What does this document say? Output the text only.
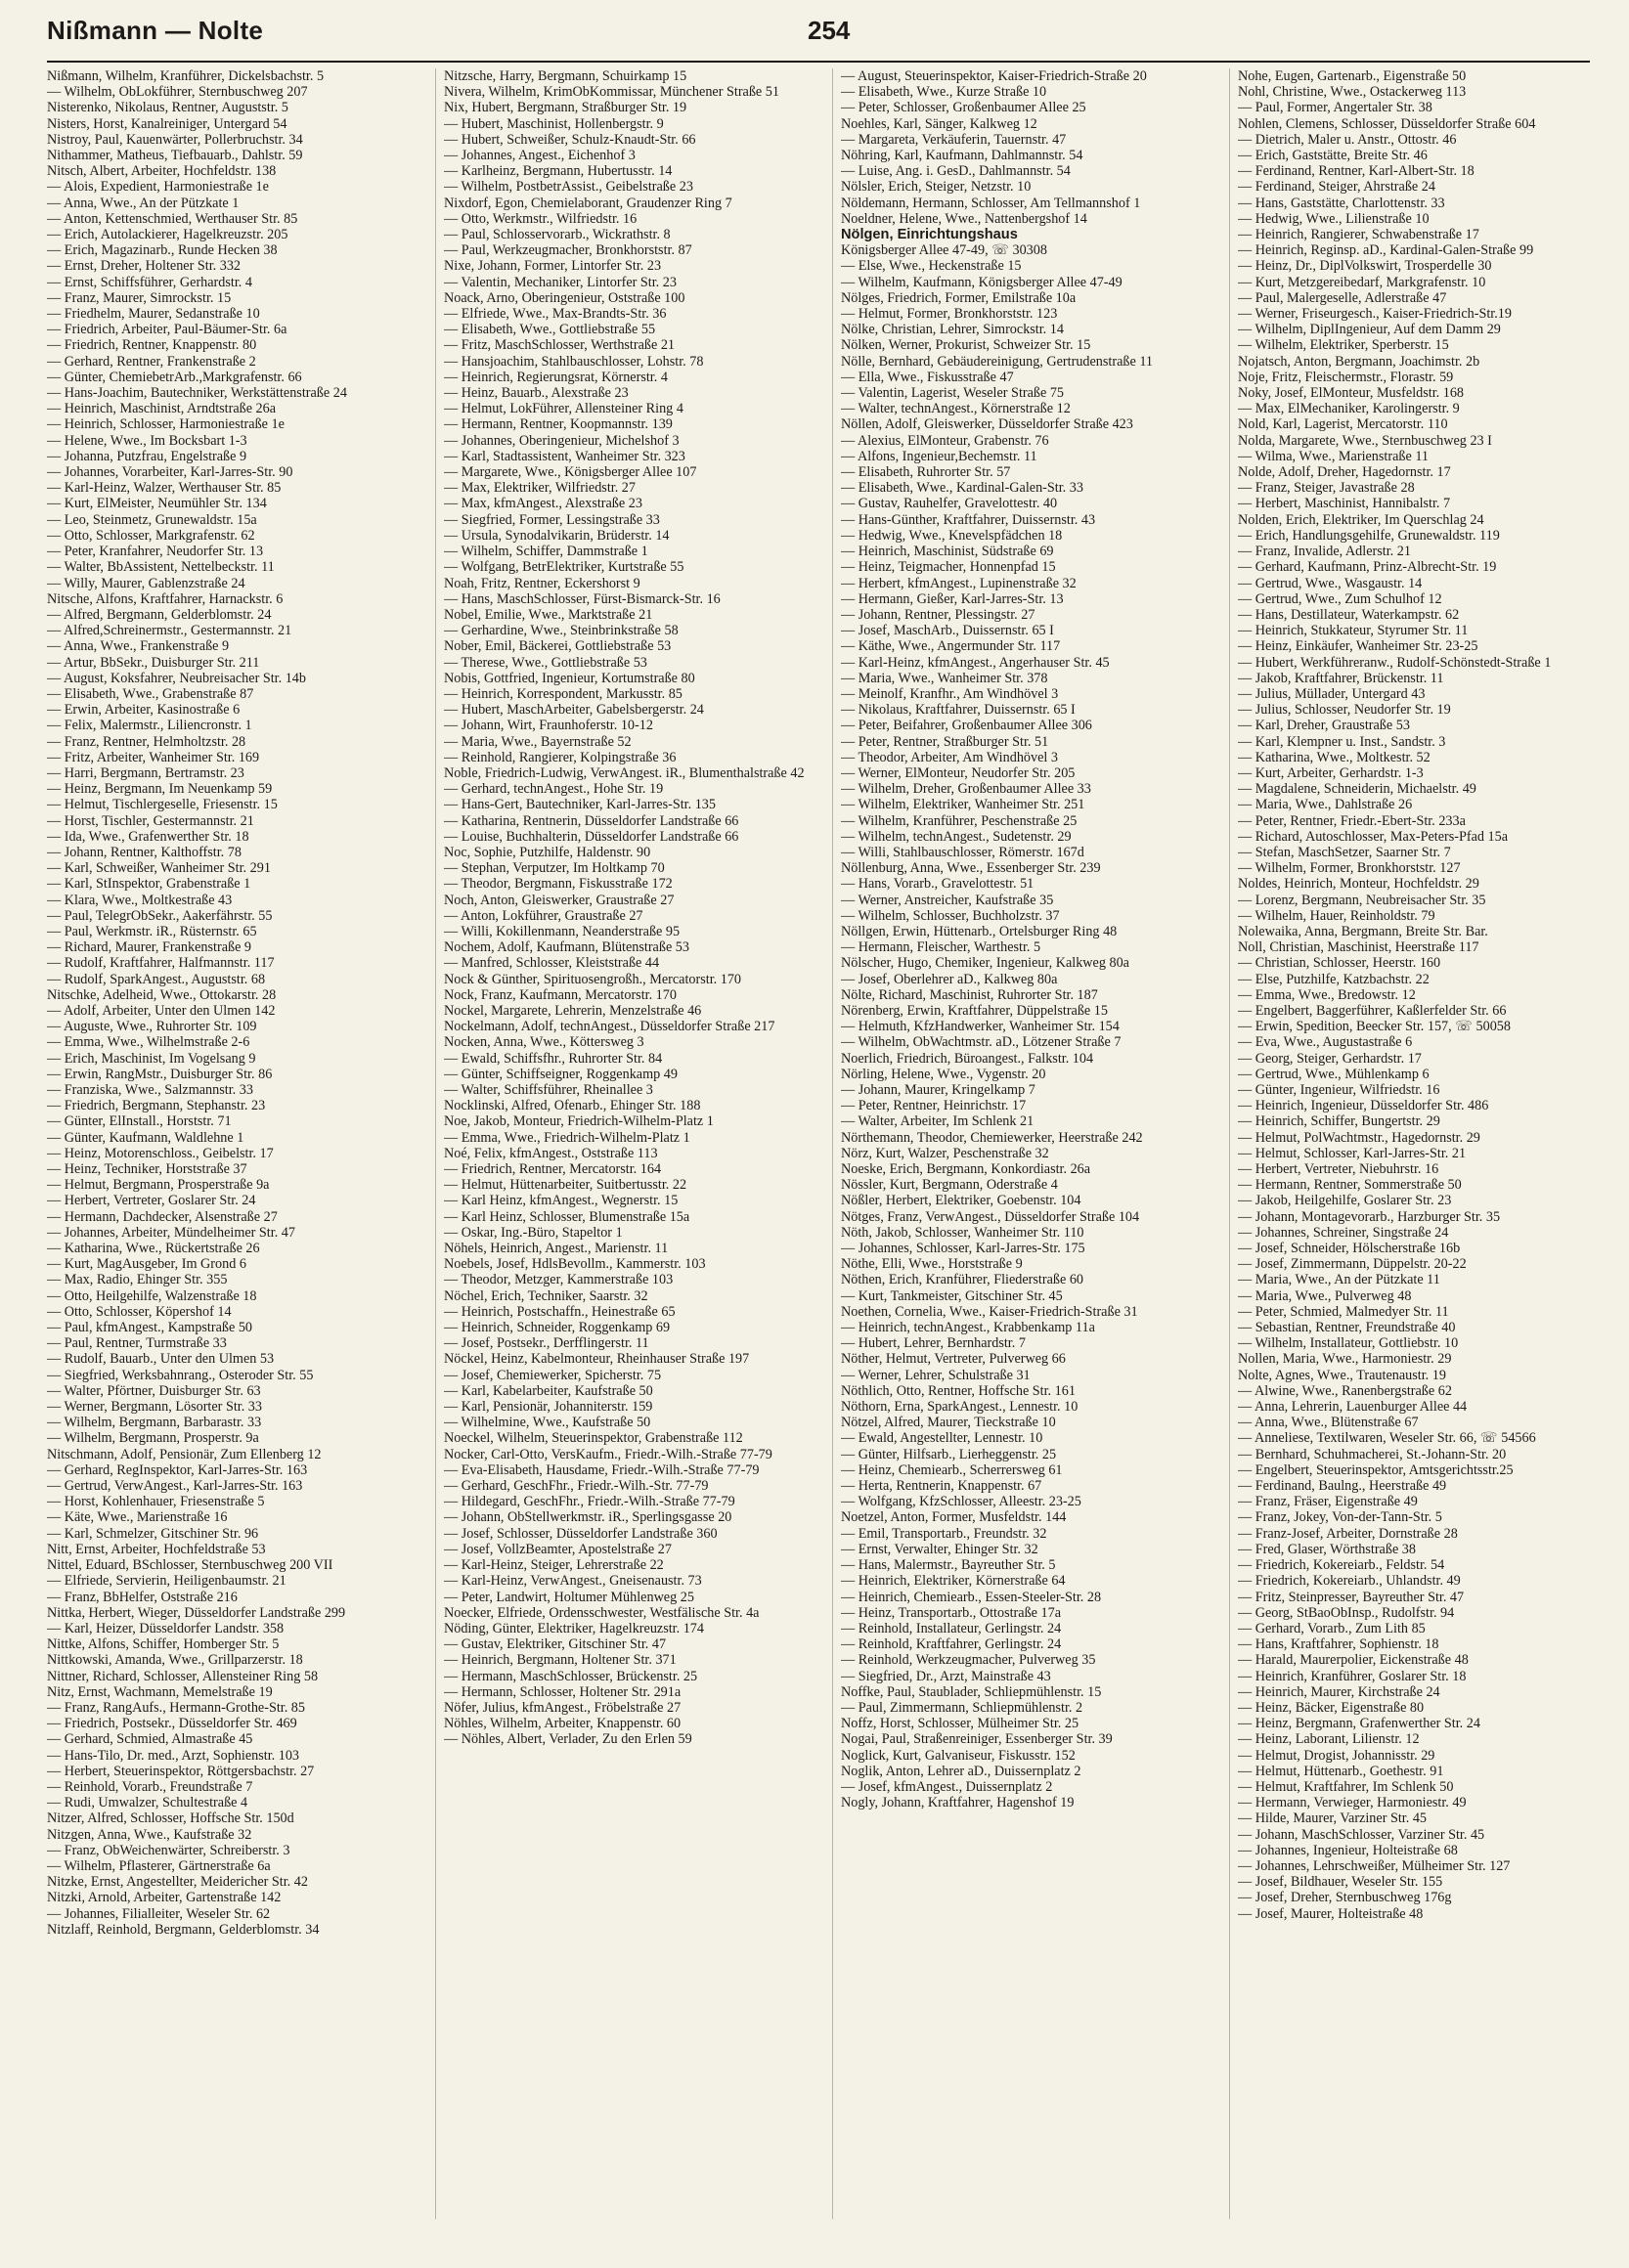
Nißmann — Nolte	254

Nißmann, Wilhelm, Kranführer, Dickelsbachstr. 5

— Wilhelm, ObLokführer, Sternbuschweg 207

Nisterenko, Nikolaus, Rentner, Auguststr. 5

Nisters, Horst, Kanalreiniger, Untergard 54

Nistroy, Paul, Kauenwärter, Pollerbruchstr. 34

Nithammer, Matheus, Tiefbauarb., Dahlstr. 59

Nitsch, Albert, Arbeiter, Hochfeldstr. 138

— Alois, Expedient, Harmoniestraße 1e

— Anna, Wwe., An der Pützkate 1

— Anton, Kettenschmied, Werthauser Str. 85

— Erich, Autolackierer, Hagelkreuzstr. 205

— Erich, Magazinarb., Runde Hecken 38

— Ernst, Dreher, Holtener Str. 332

— Ernst, Schiffsführer, Gerhardstr. 4

— Franz, Maurer, Simrockstr. 15

— Friedhelm, Maurer, Sedanstraße 10

— Friedrich, Arbeiter, Paul-Bäumer-Str. 6a

— Friedrich, Rentner, Knappenstr. 80

— Gerhard, Rentner, Frankenstraße 2

— Günter, ChemiebetrArb.,Markgrafenstr. 66

— Hans-Joachim, Bautechniker, Werkstättenstraße 24

— Heinrich, Maschinist, Arndtstraße 26a

— Heinrich, Schlosser, Harmoniestraße 1e

— Helene, Wwe., Im Bocksbart 1-3

— Johanna, Putzfrau, Engelstraße 9

— Johannes, Vorarbeiter, Karl-Jarres-Str. 90

— Karl-Heinz, Walzer, Werthauser Str. 85

— Kurt, ElMeister, Neumühler Str. 134

— Leo, Steinmetz, Grunewaldstr. 15a

— Otto, Schlosser, Markgrafenstr. 62

— Peter, Kranfahrer, Neudorfer Str. 13

— Walter, BbAssistent, Nettelbeckstr. 11

— Willy, Maurer, Gablenzstraße 24

Nitsche, Alfons, Kraftfahrer, Harnackstr. 6

— Alfred, Bergmann, Gelderblomstr. 24

— Alfred,Schreinermstr., Gestermannstr. 21

— Anna, Wwe., Frankenstraße 9

— Artur, BbSekr., Duisburger Str. 211

— August, Koksfahrer, Neubreisacher Str. 14b

— Elisabeth, Wwe., Grabenstraße 87

— Erwin, Arbeiter, Kasinostraße 6

— Felix, Malermstr., Liliencronstr. 1

— Franz, Rentner, Helmholtzstr. 28

— Fritz, Arbeiter, Wanheimer Str. 169

— Harri, Bergmann, Bertramstr. 23

— Heinz, Bergmann, Im Neuenkamp 59

— Helmut, Tischlergeselle, Friesenstr. 15

— Horst, Tischler, Gestermannstr. 21

— Ida, Wwe., Grafenwerther Str. 18

— Johann, Rentner, Kalthoffstr. 78

— Karl, Schweißer, Wanheimer Str. 291

— Karl, StInspektor, Grabenstraße 1

— Klara, Wwe., Moltkestraße 43

— Paul, TelegrObSekr., Aakerfährstr. 55

— Paul, Werkmstr. iR., Rüsternstr. 65

— Richard, Maurer, Frankenstraße 9

— Rudolf, Kraftfahrer, Halfmannstr. 117

— Rudolf, SparkAngest., Auguststr. 68

Nitschke, Adelheid, Wwe., Ottokarstr. 28

— Adolf, Arbeiter, Unter den Ulmen 142

— Auguste, Wwe., Ruhrorter Str. 109

— Emma, Wwe., Wilhelmstraße 2-6

— Erich, Maschinist, Im Vogelsang 9

— Erwin, RangMstr., Duisburger Str. 86

— Franziska, Wwe., Salzmannstr. 33

— Friedrich, Bergmann, Stephanstr. 23

— Günter, ElInstall., Horststr. 71

— Günter, Kaufmann, Waldlehne 1

— Heinz, Motorenschloss., Geibelstr. 17

— Heinz, Techniker, Horststraße 37

— Helmut, Bergmann, Prosperstraße 9a

— Herbert, Vertreter, Goslarer Str. 24

— Hermann, Dachdecker, Alsenstraße 27

— Johannes, Arbeiter, Mündelheimer Str. 47

— Katharina, Wwe., Rückertstraße 26

— Kurt, MagAusgeber, Im Grond 6

— Max, Radio, Ehinger Str. 355

— Otto, Heilgehilfe, Walzenstraße 18

— Otto, Schlosser, Köpershof 14

— Paul, kfmAngest., Kampstraße 50

— Paul, Rentner, Turmstraße 33

— Rudolf, Bauarb., Unter den Ulmen 53

— Siegfried, Werksbahnrang., Osteroder Str. 55

— Walter, Pförtner, Duisburger Str. 63

— Werner, Bergmann, Lösorter Str. 33

— Wilhelm, Bergmann, Barbarastr. 33

— Wilhelm, Bergmann, Prosperstr. 9a

Nitschmann, Adolf, Pensionär, Zum Ellenberg 12

— Gerhard, RegInspektor, Karl-Jarres-Str. 163

— Gertrud, VerwAngest., Karl-Jarres-Str. 163

— Horst, Kohlenhauer, Friesenstraße 5

— Käte, Wwe., Marienstraße 16

— Karl, Schmelzer, Gitschiner Str. 96

Nitt, Ernst, Arbeiter, Hochfeldstraße 53

Nittel, Eduard, BSchlosser, Sternbuschweg 200 VII

— Elfriede, Servierin, Heiligenbaumstr. 21

— Franz, BbHelfer, Oststraße 216

Nittka, Herbert, Wieger, Düsseldorfer Landstraße 299

— Karl, Heizer, Düsseldorfer Landstr. 358

Nittke, Alfons, Schiffer, Homberger Str. 5

Nittkowski, Amanda, Wwe., Grillparzerstr. 18

Nittner, Richard, Schlosser, Allensteiner Ring 58

Nitz, Ernst, Wachmann, Memelstraße 19

— Franz, RangAufs., Hermann-Grothe-Str. 85

— Friedrich, Postsekr., Düsseldorfer Str. 469

— Gerhard, Schmied, Almastraße 45

— Hans-Tilo, Dr. med., Arzt, Sophienstr. 103

— Herbert, Steuerinspektor, Röttgersbachstr. 27

— Reinhold, Vorarb., Freundstraße 7

— Rudi, Umwalzer, Schultestraße 4

Nitzer, Alfred, Schlosser, Hoffsche Str. 150d

Nitzgen, Anna, Wwe., Kaufstraße 32

— Franz, ObWeichenwärter, Schreiberstr. 3

— Wilhelm, Pflasterer, Gärtnerstraße 6a

Nitzke, Ernst, Angestellter, Meidericher Str. 42

Nitzki, Arnold, Arbeiter, Gartenstraße 142

— Johannes, Filialleiter, Weseler Str. 62

Nitzlaff, Reinhold, Bergmann, Gelderblomstr. 34

Nitzsche, Harry, Bergmann, Schuirkamp 15

Nivera, Wilhelm, KrimObKommissar, Münchener Straße 51

Nix, Hubert, Bergmann, Straßburger Str. 19

— Hubert, Maschinist, Hollenbergstr. 9

— Hubert, Schweißer, Schulz-Knaudt-Str. 66

— Johannes, Angest., Eichenhof 3

— Karlheinz, Bergmann, Hubertusstr. 14

— Wilhelm, PostbetrAssist., Geibelstraße 23

Nixdorf, Egon, Chemielaborant, Graudenzer Ring 7

— Otto, Werkmstr., Wilfriedstr. 16

— Paul, Schlosservorarb., Wickrathstr. 8

— Paul, Werkzeugmacher, Bronkhorststr. 87

Nixe, Johann, Former, Lintorfer Str. 23

— Valentin, Mechaniker, Lintorfer Str. 23

Noack, Arno, Oberingenieur, Oststraße 100

— Elfriede, Wwe., Max-Brandts-Str. 36

— Elisabeth, Wwe., Gottliebstraße 55

— Fritz, MaschSchlosser, Werthstraße 21

— Hansjoachim, Stahlbauschlosser, Lohstr. 78

— Heinrich, Regierungsrat, Körnerstr. 4

— Heinz, Bauarb., Alexstraße 23

— Helmut, LokFührer, Allensteiner Ring 4

— Hermann, Rentner, Koopmannstr. 139

— Johannes, Oberingenieur, Michelshof 3

— Karl, Stadtassistent, Wanheimer Str. 323

— Margarete, Wwe., Königsberger Allee 107

— Max, Elektriker, Wilfriedstr. 27

— Max, kfmAngest., Alexstraße 23

— Siegfried, Former, Lessingstraße 33

— Ursula, Synodalvikarin, Brüderstr. 14

— Wilhelm, Schiffer, Dammstraße 1

— Wolfgang, BetrElektriker, Kurtstraße 55

Noah, Fritz, Rentner, Eckershorst 9

— Hans, MaschSchlosser, Fürst-Bismarck-Str. 16

Nobel, Emilie, Wwe., Marktstraße 21

— Gerhardine, Wwe., Steinbrinkstraße 58

Nober, Emil, Bäckerei, Gottliebstraße 53

— Therese, Wwe., Gottliebstraße 53

Nobis, Gottfried, Ingenieur, Kortumstraße 80

— Heinrich, Korrespondent, Markusstr. 85

— Hubert, MaschArbeiter, Gabelsbergerstr. 24

— Johann, Wirt, Fraunhoferstr. 10-12

— Maria, Wwe., Bayernstraße 52

— Reinhold, Rangierer, Kolpingstraße 36

Noble, Friedrich-Ludwig, VerwAngest. iR., Blumenthalstraße 42

— Gerhard, technAngest., Hohe Str. 19

— Hans-Gert, Bautechniker, Karl-Jarres-Str. 135

— Katharina, Rentnerin, Düsseldorfer Landstraße 66

— Louise, Buchhalterin, Düsseldorfer Landstraße 66

Noc, Sophie, Putzhilfe, Haldenstr. 90

— Stephan, Verputzer, Im Holtkamp 70

— Theodor, Bergmann, Fiskusstraße 172

Noch, Anton, Gleiswerker, Graustraße 27

— Anton, Lokführer, Graustraße 27

— Willi, Kokillenmann, Neanderstraße 95

Nochem, Adolf, Kaufmann, Blütenstraße 53

— Manfred, Schlosser, Kleiststraße 44

Nock & Günther, Spirituosengroßh., Mercatorstr. 170

Nock, Franz, Kaufmann, Mercatorstr. 170

Nockel, Margarete, Lehrerin, Menzelstraße 46

Nockelmann, Adolf, technAngest., Düsseldorfer Straße 217

Nocken, Anna, Wwe., Köttersweg 3

— Ewald, Schiffsfhr., Ruhrorter Str. 84

— Günter, Schiffseigner, Roggenkamp 49

— Walter, Schiffsführer, Rheinallee 3

Nocklinski, Alfred, Ofenarb., Ehinger Str. 188

Noe, Jakob, Monteur, Friedrich-Wilhelm-Platz 1

— Emma, Wwe., Friedrich-Wilhelm-Platz 1

Noé, Felix, kfmAngest., Oststraße 113

— Friedrich, Rentner, Mercatorstr. 164

— Helmut, Hüttenarbeiter, Suitbertusstr. 22

— Karl Heinz, kfmAngest., Wegnerstr. 15

— Karl Heinz, Schlosser, Blumenstraße 15a

— Oskar, Ing.-Büro, Stapeltor 1

Nöhels, Heinrich, Angest., Marienstr. 11

Noebels, Josef, HdlsBevollm., Kammerstr. 103

— Theodor, Metzger, Kammerstraße 103

Nöchel, Erich, Techniker, Saarstr. 32

— Heinrich, Postschaffn., Heinestraße 65

— Heinrich, Schneider, Roggenkamp 69

— Josef, Postsekr., Derfflingerstr. 11

Nöckel, Heinz, Kabelmonteur, Rheinhauser Straße 197

— Josef, Chemiewerker, Spicherstr. 75

— Karl, Kabelarbeiter, Kaufstraße 50

— Karl, Pensionär, Johanniterstr. 159

— Wilhelmine, Wwe., Kaufstraße 50

Noeckel, Wilhelm, Steuerinspektor, Grabenstraße 112

Nocker, Carl-Otto, VersKaufm., Friedr.-Wilh.-Straße 77-79

— Eva-Elisabeth, Hausdame, Friedr.-Wilh.-Straße 77-79

— Gerhard, GeschFhr., Friedr.-Wilh.-Str. 77-79

— Hildegard, GeschFhr., Friedr.-Wilh.-Straße 77-79

— Johann, ObStellwerkmstr. iR., Sperlingsgasse 20

— Josef, Schlosser, Düsseldorfer Landstraße 360

— Josef, VollzBeamter, Apostelstraße 27

— Karl-Heinz, Steiger, Lehrerstraße 22

— Karl-Heinz, VerwAngest., Gneisenaustr. 73

— Peter, Landwirt, Holtumer Mühlenweg 25

Noecker, Elfriede, Ordensschwester, Westfälische Str. 4a

Nöding, Günter, Elektriker, Hagelkreuzstr. 174

— Gustav, Elektriker, Gitschiner Str. 47

— Heinrich, Bergmann, Holtener Str. 371

— Hermann, MaschSchlosser, Brückenstr. 25

— Hermann, Schlosser, Holtener Str. 291a

Nöfer, Julius, kfmAngest., Fröbelstraße 27

Nöhles, Wilhelm, Arbeiter, Knappenstr. 60

— Nöhles, Albert, Verlader, Zu den Erlen 59

— August, Steuerinspektor, Kaiser-Friedrich-Straße 20

— Elisabeth, Wwe., Kurze Straße 10

— Peter, Schlosser, Großenbaumer Allee 25

Noehles, Karl, Sänger, Kalkweg 12

— Margareta, Verkäuferin, Tauernstr. 47

Nöhring, Karl, Kaufmann, Dahlmannstr. 54

— Luise, Ang. i. GesD., Dahlmannstr. 54

Nölsler, Erich, Steiger, Netzstr. 10

Nöldemann, Hermann, Schlosser, Am Tellmannshof 1

Noeldner, Helene, Wwe., Nattenbergshof 14

Nölgen, Einrichtungshaus

Königsberger Allee 47-49, ☏ 30308

— Else, Wwe., Heckenstraße 15

— Wilhelm, Kaufmann, Königsberger Allee 47-49

Nölges, Friedrich, Former, Emilstraße 10a

— Helmut, Former, Bronkhorststr. 123

Nölke, Christian, Lehrer, Simrockstr. 14

Nölken, Werner, Prokurist, Schweizer Str. 15

Nölle, Bernhard, Gebäudereinigung, Gertrudenstraße 11

— Ella, Wwe., Fiskusstraße 47

— Valentin, Lagerist, Weseler Straße 75

— Walter, technAngest., Körnerstraße 12

Nöllen, Adolf, Gleiswerker, Düsseldorfer Straße 423

— Alexius, ElMonteur, Grabenstr. 76

— Alfons, Ingenieur,Bechemstr. 11

— Elisabeth, Ruhrorter Str. 57

— Elisabeth, Wwe., Kardinal-Galen-Str. 33

— Gustav, Rauhelfer, Gravelottestr. 40

— Hans-Günther, Kraftfahrer, Duissernstr. 43

— Hedwig, Wwe., Knevelspfädchen 18

— Heinrich, Maschinist, Südstraße 69

— Heinz, Teigmacher, Honnenpfad 15

— Herbert, kfmAngest., Lupinenstraße 32

— Hermann, Gießer, Karl-Jarres-Str. 13

— Johann, Rentner, Plessingstr. 27

— Josef, MaschArb., Duissernstr. 65 I

— Käthe, Wwe., Angermunder Str. 117

— Karl-Heinz, kfmAngest., Angerhauser Str. 45

— Maria, Wwe., Wanheimer Str. 378

— Meinolf, Kranfhr., Am Windhövel 3

— Nikolaus, Kraftfahrer, Duissernstr. 65 I

— Peter, Beifahrer, Großenbaumer Allee 306

— Peter, Rentner, Straßburger Str. 51

— Theodor, Arbeiter, Am Windhövel 3

— Werner, ElMonteur, Neudorfer Str. 205

— Wilhelm, Dreher, Großenbaumer Allee 33

— Wilhelm, Elektriker, Wanheimer Str. 251

— Wilhelm, Kranführer, Peschenstraße 25

— Wilhelm, technAngest., Sudetenstr. 29

— Willi, Stahlbauschlosser, Römerstr. 167d

Nöllenburg, Anna, Wwe., Essenberger Str. 239

— Hans, Vorarb., Gravelottestr. 51

— Werner, Anstreicher, Kaufstraße 35

— Wilhelm, Schlosser, Buchholzstr. 37

Nöllgen, Erwin, Hüttenarb., Ortelsburger Ring 48

— Hermann, Fleischer, Warthestr. 5

Nölscher, Hugo, Chemiker, Ingenieur, Kalkweg 80a

— Josef, Oberlehrer aD., Kalkweg 80a

Nölte, Richard, Maschinist, Ruhrorter Str. 187

Nörenberg, Erwin, Kraftfahrer, Düppelstraße 15

— Helmuth, KfzHandwerker, Wanheimer Str. 154

— Wilhelm, ObWachtmstr. aD., Lötzener Straße 7

Noerlich, Friedrich, Büroangest., Falkstr. 104

Nörling, Helene, Wwe., Vygenstr. 20

— Johann, Maurer, Kringelkamp 7

— Peter, Rentner, Heinrichstr. 17

— Walter, Arbeiter, Im Schlenk 21

Nörthemann, Theodor, Chemiewerker, Heerstraße 242

Nörz, Kurt, Walzer, Peschenstraße 32

Noeske, Erich, Bergmann, Konkordiastr. 26a

Nössler, Kurt, Bergmann, Oderstraße 4

Nößler, Herbert, Elektriker, Goebenstr. 104

Nötges, Franz, VerwAngest., Düsseldorfer Straße 104

Nöth, Jakob, Schlosser, Wanheimer Str. 110

— Johannes, Schlosser, Karl-Jarres-Str. 175

Nöthe, Elli, Wwe., Horststraße 9

Nöthen, Erich, Kranführer, Fliederstraße 60

— Kurt, Tankmeister, Gitschiner Str. 45

Noethen, Cornelia, Wwe., Kaiser-Friedrich-Straße 31

— Heinrich, technAngest., Krabbenkamp 11a

— Hubert, Lehrer, Bernhardstr. 7

Nöther, Helmut, Vertreter, Pulverweg 66

— Werner, Lehrer, Schulstraße 31

Nöthlich, Otto, Rentner, Hoffsche Str. 161

Nöthorn, Erna, SparkAngest., Lennestr. 10

Nötzel, Alfred, Maurer, Tieckstraße 10

— Ewald, Angestellter, Lennestr. 10

— Günter, Hilfsarb., Lierheggenstr. 25

— Heinz, Chemiearb., Scherrersweg 61

— Herta, Rentnerin, Knappenstr. 67

— Wolfgang, KfzSchlosser, Alleestr. 23-25

Noetzel, Anton, Former, Musfeldstr. 144

— Emil, Transportarb., Freundstr. 32

— Ernst, Verwalter, Ehinger Str. 32

— Hans, Malermstr., Bayreuther Str. 5

— Heinrich, Elektriker, Körnerstraße 64

— Heinrich, Chemiearb., Essen-Steeler-Str. 28

— Heinz, Transportarb., Ottostraße 17a

— Reinhold, Installateur, Gerlingstr. 24

— Reinhold, Kraftfahrer, Gerlingstr. 24

— Reinhold, Werkzeugmacher, Pulverweg 35

— Siegfried, Dr., Arzt, Mainstraße 43

Noffke, Paul, Staublader, Schliepmühlenstr. 15

— Paul, Zimmermann, Schliepmühlenstr. 2

Noffz, Horst, Schlosser, Mülheimer Str. 25

Nogai, Paul, Straßenreiniger, Essenberger Str. 39

Noglick, Kurt, Galvaniseur, Fiskusstr. 152

Noglik, Anton, Lehrer aD., Duissernplatz 2

— Josef, kfmAngest., Duissernplatz 2

Nogly, Johann, Kraftfahrer, Hagenshof 19

Nohe, Eugen, Gartenarb., Eigenstraße 50

Nohl, Christine, Wwe., Ostackerweg 113

— Paul, Former, Angertaler Str. 38

Nohlen, Clemens, Schlosser, Düsseldorfer Straße 604

— Dietrich, Maler u. Anstr., Ottostr. 46

— Erich, Gaststätte, Breite Str. 46

— Ferdinand, Rentner, Karl-Albert-Str. 18

— Ferdinand, Steiger, Ahrstraße 24

— Hans, Gaststätte, Charlottenstr. 33

— Hedwig, Wwe., Lilienstraße 10

— Heinrich, Rangierer, Schwabenstraße 17

— Heinrich, Reginsp. aD., Kardinal-Galen-Straße 99

— Heinz, Dr., DiplVolkswirt, Trosperdelle 30

— Kurt, Metzgereibedarf, Markgrafenstr. 10

— Paul, Malergeselle, Adlerstraße 47

— Werner, Friseurgesch., Kaiser-Friedrich-Str.19

— Wilhelm, DiplIngenieur, Auf dem Damm 29

— Wilhelm, Elektriker, Sperberstr. 15

Nojatsch, Anton, Bergmann, Joachimstr. 2b

Noje, Fritz, Fleischermstr., Florastr. 59

Noky, Josef, ElMonteur, Musfeldstr. 168

— Max, ElMechaniker, Karolingerstr. 9

Nold, Karl, Lagerist, Mercatorstr. 110

Nolda, Margarete, Wwe., Sternbuschweg 23 I

— Wilma, Wwe., Marienstraße 11

Nolde, Adolf, Dreher, Hagedornstr. 17

— Franz, Steiger, Javastraße 28

— Herbert, Maschinist, Hannibalstr. 7

Nolden, Erich, Elektriker, Im Querschlag 24

— Erich, Handlungsgehilfe, Grunewaldstr. 119

— Franz, Invalide, Adlerstr. 21

— Gerhard, Kaufmann, Prinz-Albrecht-Str. 19

— Gertrud, Wwe., Wasgaustr. 14

— Gertrud, Wwe., Zum Schulhof 12

— Hans, Destillateur, Waterkampstr. 62

— Heinrich, Stukkateur, Styrumer Str. 11

— Heinz, Einkäufer, Wanheimer Str. 23-25

— Hubert, Werkführeranw., Rudolf-Schönstedt-Straße 1

— Jakob, Kraftfahrer, Brückenstr. 11

— Julius, Müllader, Untergard 43

— Julius, Schlosser, Neudorfer Str. 19

— Karl, Dreher, Graustraße 53

— Karl, Klempner u. Inst., Sandstr. 3

— Katharina, Wwe., Moltkestr. 52

— Kurt, Arbeiter, Gerhardstr. 1-3

— Magdalene, Schneiderin, Michaelstr. 49

— Maria, Wwe., Dahlstraße 26

— Peter, Rentner, Friedr.-Ebert-Str. 233a

— Richard, Autoschlosser, Max-Peters-Pfad 15a

— Stefan, MaschSetzer, Saarner Str. 7

— Wilhelm, Former, Bronkhorststr. 127

Noldes, Heinrich, Monteur, Hochfeldstr. 29

— Lorenz, Bergmann, Neubreisacher Str. 35

— Wilhelm, Hauer, Reinholdstr. 79

Nolewaika, Anna, Bergmann, Breite Str. Bar.

Noll, Christian, Maschinist, Heerstraße 117

— Christian, Schlosser, Heerstr. 160

— Else, Putzhilfe, Katzbachstr. 22

— Emma, Wwe., Bredowstr. 12

— Engelbert, Baggerführer, Kaßlerfelder Str. 66

— Erwin, Spedition, Beecker Str. 157, ☏ 50058

— Eva, Wwe., Augustastraße 6

— Georg, Steiger, Gerhardstr. 17

— Gertrud, Wwe., Mühlenkamp 6

— Günter, Ingenieur, Wilfriedstr. 16

— Heinrich, Ingenieur, Düsseldorfer Str. 486

— Heinrich, Schiffer, Bungertstr. 29

— Helmut, PolWachtmstr., Hagedornstr. 29

— Helmut, Schlosser, Karl-Jarres-Str. 21

— Herbert, Vertreter, Niebuhrstr. 16

— Hermann, Rentner, Sommerstraße 50

— Jakob, Heilgehilfe, Goslarer Str. 23

— Johann, Montagevorarb., Harzburger Str. 35

— Johannes, Schreiner, Singstraße 24

— Josef, Schneider, Hölscherstraße 16b

— Josef, Zimmermann, Düppelstr. 20-22

— Maria, Wwe., An der Pützkate 11

— Maria, Wwe., Pulverweg 48

— Peter, Schmied, Malmedyer Str. 11

— Sebastian, Rentner, Freundstraße 40

— Wilhelm, Installateur, Gottliebstr. 10

Nollen, Maria, Wwe., Harmoniestr. 29

Nolte, Agnes, Wwe., Trautenaustr. 19

— Alwine, Wwe., Ranenbergstraße 62

— Anna, Lehrerin, Lauenburger Allee 44

— Anna, Wwe., Blütenstraße 67

— Anneliese, Textilwaren, Weseler Str. 66, ☏ 54566

— Bernhard, Schuhmacherei, St.-Johann-Str. 20

— Engelbert, Steuerinspektor, Amtsgerichtsstr.25

— Ferdinand, Baulng., Heerstraße 49

— Franz, Fräser, Eigenstraße 49

— Franz, Jokey, Von-der-Tann-Str. 5

— Franz-Josef, Arbeiter, Dornstraße 28

— Fred, Glaser, Wörthstraße 38

— Friedrich, Kokereiarb., Feldstr. 54

— Friedrich, Kokereiarb., Uhlandstr. 49

— Fritz, Steinpresser, Bayreuther Str. 47

— Georg, StBaoObInsp., Rudolfstr. 94

— Gerhard, Vorarb., Zum Lith 85

— Hans, Kraftfahrer, Sophienstr. 18

— Harald, Maurerpolier, Eickenstraße 48

— Heinrich, Kranführer, Goslarer Str. 18

— Heinrich, Maurer, Kirchstraße 24

— Heinz, Bäcker, Eigenstraße 80

— Heinz, Bergmann, Grafenwerther Str. 24

— Heinz, Laborant, Lilienstr. 12

— Helmut, Drogist, Johannisstr. 29

— Helmut, Hüttenarb., Goethestr. 91

— Helmut, Kraftfahrer, Im Schlenk 50

— Hermann, Verwieger, Harmoniestr. 49

— Hilde, Maurer, Varziner Str. 45

— Johann, MaschSchlosser, Varziner Str. 45

— Johannes, Ingenieur, Holteistraße 68

— Johannes, Lehrschweißer, Mülheimer Str. 127

— Josef, Bildhauer, Weseler Str. 155

— Josef, Dreher, Sternbuschweg 176g

— Josef, Maurer, Holteistraße 48
